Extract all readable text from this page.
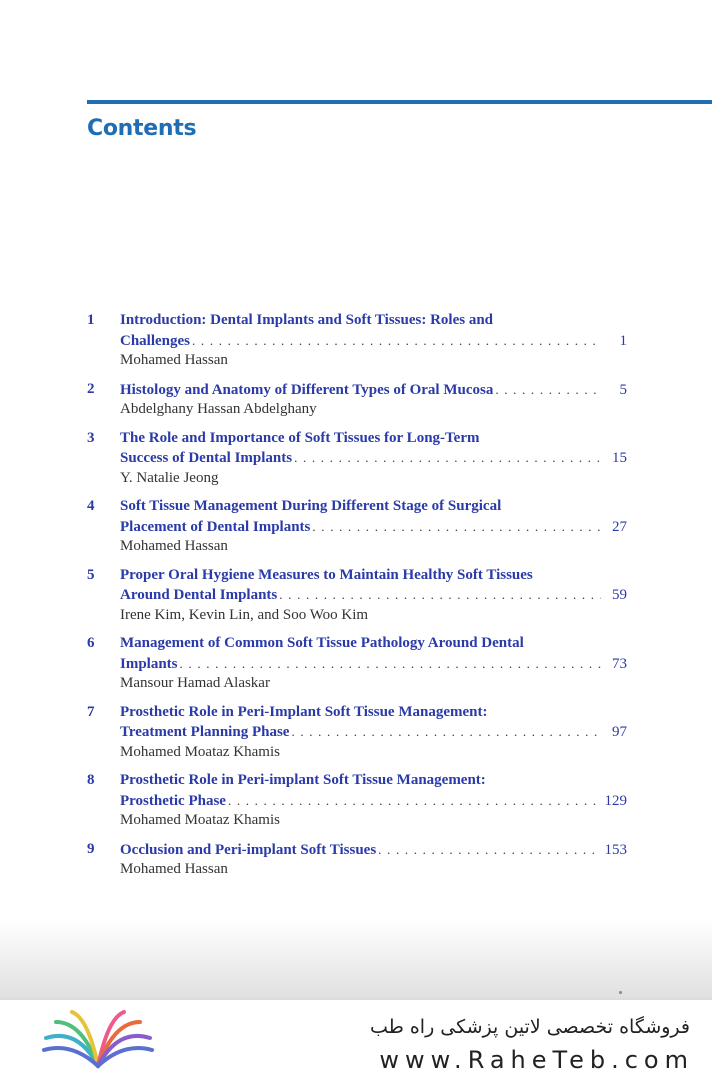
Contents
1	Introduction: Dental Implants and Soft Tissues: Roles and
Challenges . . .	1
Mohamed Hassan
2	Histology and Anatomy of Different Types of Oral Mucosa . . .	5
Abdelghany Hassan Abdelghany
3	The Role and Importance of Soft Tissues for Long-Term
Success of Dental Implants . . .	15
Y. Natalie Jeong
4	Soft Tissue Management During Different Stage of Surgical
Placement of Dental Implants . . .	27
Mohamed Hassan
5	Proper Oral Hygiene Measures to Maintain Healthy Soft Tissues
Around Dental Implants . . .	59
Irene Kim, Kevin Lin, and Soo Woo Kim
6	Management of Common Soft Tissue Pathology Around Dental
Implants . . .	73
Mansour Hamad Alaskar
7	Prosthetic Role in Peri-Implant Soft Tissue Management:
Treatment Planning Phase . . .	97
Mohamed Moataz Khamis
8	Prosthetic Role in Peri-implant Soft Tissue Management:
Prosthetic Phase . . .	129
Mohamed Moataz Khamis
9	Occlusion and Peri-implant Soft Tissues . . .	153
Mohamed Hassan
فروشگاه تخصصی لاتین پزشکی راه طب
www.RaheTeb.com
